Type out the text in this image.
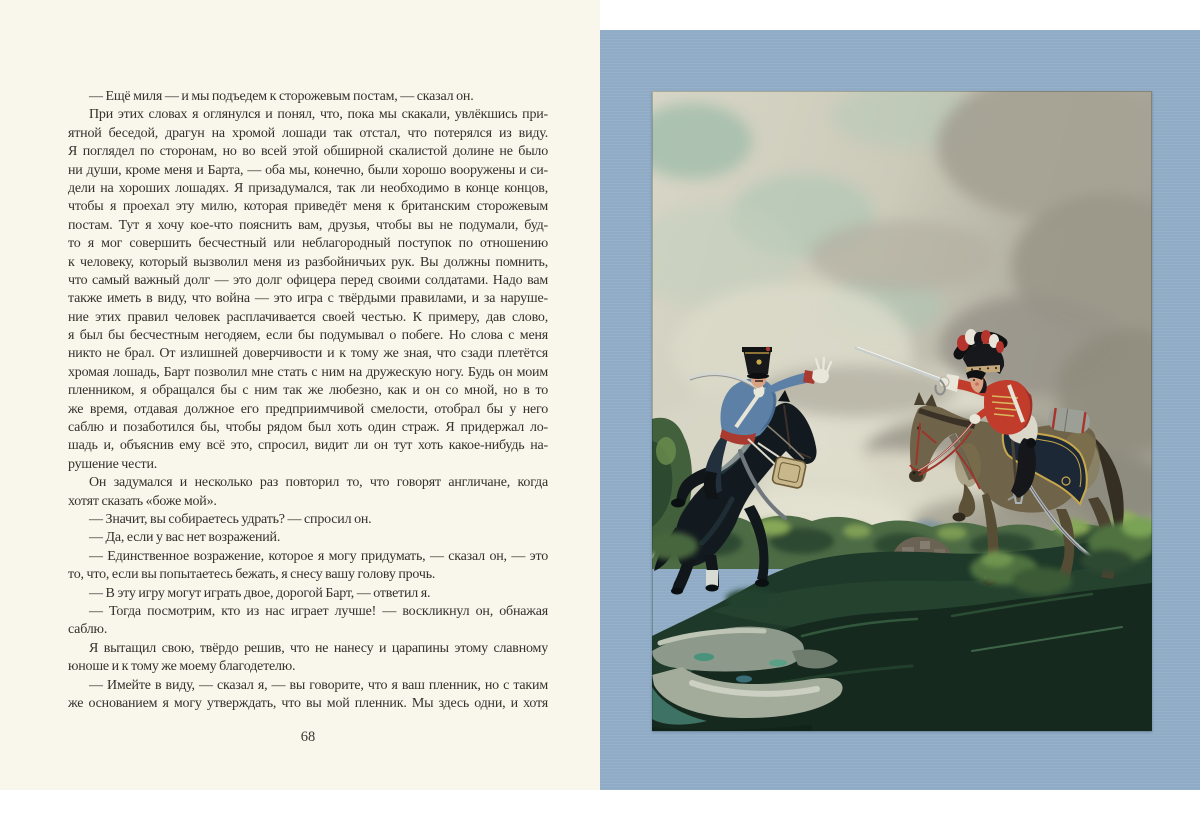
— Ещё миля — и мы подъедем к сторожевым постам, — сказал он.
При этих словах я оглянулся и понял, что, пока мы скакали, увлёкшись при-
ятной беседой, драгун на хромой лошади так отстал, что потерялся из виду.
Я поглядел по сторонам, но во всей этой обширной скалистой долине не было
ни души, кроме меня и Барта, — оба мы, конечно, были хорошо вооружены и си-
дели на хороших лошадях. Я призадумался, так ли необходимо в конце концов,
чтобы я проехал эту милю, которая приведёт меня к британским сторожевым
постам. Тут я хочу кое-что пояснить вам, друзья, чтобы вы не подумали, буд-
то я мог совершить бесчестный или неблагородный поступок по отношению
к человеку, который вызволил меня из разбойничьих рук. Вы должны помнить,
что самый важный долг — это долг офицера перед своими солдатами. Надо вам
также иметь в виду, что война — это игра с твёрдыми правилами, и за наруше-
ние этих правил человек расплачивается своей честью. К примеру, дав слово,
я был бы бесчестным негодяем, если бы подумывал о побеге. Но слова с меня
никто не брал. От излишней доверчивости и к тому же зная, что сзади плетётся
хромая лошадь, Барт позволил мне стать с ним на дружескую ногу. Будь он моим
пленником, я обращался бы с ним так же любезно, как и он со мной, но в то
же время, отдавая должное его предприимчивой смелости, отобрал бы у него
саблю и позаботился бы, чтобы рядом был хоть один страж. Я придержал ло-
шадь и, объяснив ему всё это, спросил, видит ли он тут хоть какое-нибудь на-
рушение чести.
Он задумался и несколько раз повторил то, что говорят англичане, когда
хотят сказать «боже мой».
— Значит, вы собираетесь удрать? — спросил он.
— Да, если у вас нет возражений.
— Единственное возражение, которое я могу придумать, — сказал он, — это
то, что, если вы попытаетесь бежать, я снесу вашу голову прочь.
— В эту игру могут играть двое, дорогой Барт, — ответил я.
— Тогда посмотрим, кто из нас играет лучше! — воскликнул он, обнажая
саблю.
Я вытащил свою, твёрдо решив, что не нанесу и царапины этому славному
юноше и к тому же моему благодетелю.
— Имейте в виду, — сказал я, — вы говорите, что я ваш пленник, но с таким
же основанием я могу утверждать, что вы мой пленник. Мы здесь одни, и хотя
68
